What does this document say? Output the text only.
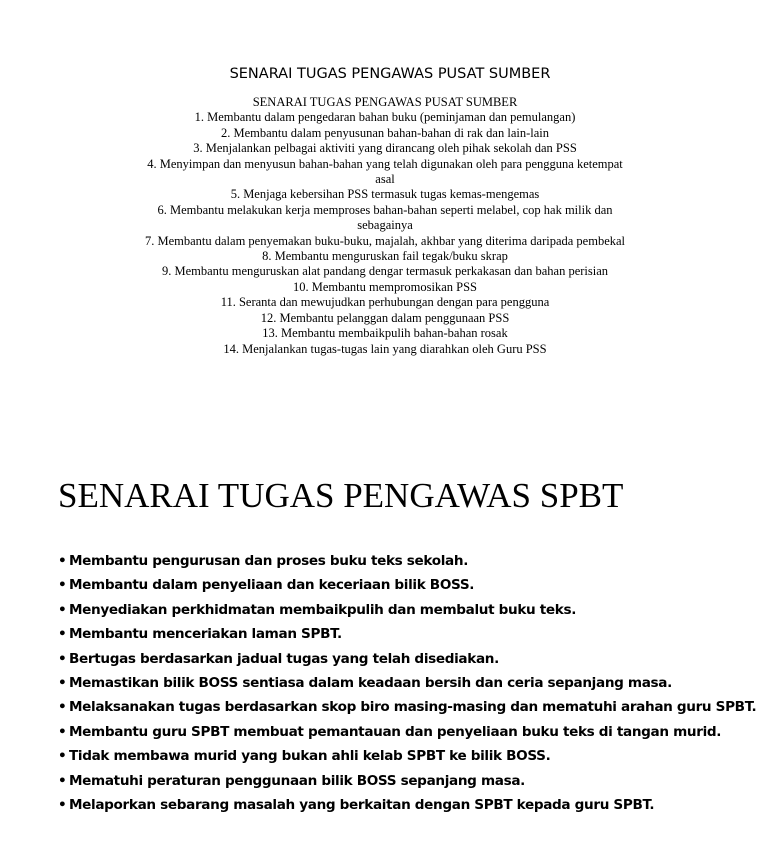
SENARAI TUGAS PENGAWAS PUSAT SUMBER
SENARAI TUGAS PENGAWAS PUSAT SUMBER
1. Membantu dalam pengedaran bahan buku (peminjaman dan pemulangan)
2. Membantu dalam penyusunan bahan-bahan di rak dan lain-lain
3. Menjalankan pelbagai aktiviti yang dirancang oleh pihak sekolah dan PSS
4. Menyimpan dan menyusun bahan-bahan yang telah digunakan oleh para pengguna ketempat
asal
5. Menjaga kebersihan PSS termasuk tugas kemas-mengemas
6. Membantu melakukan kerja memproses bahan-bahan seperti melabel, cop hak milik dan
sebagainya
7. Membantu dalam penyemakan buku-buku, majalah, akhbar yang diterima daripada pembekal
8. Membantu menguruskan fail tegak/buku skrap
9. Membantu menguruskan alat pandang dengar termasuk perkakasan dan bahan perisian
10. Membantu mempromosikan PSS
11. Seranta dan mewujudkan perhubungan dengan para pengguna
12. Membantu pelanggan dalam penggunaan PSS
13. Membantu membaikpulih bahan-bahan rosak
14. Menjalankan tugas-tugas lain yang diarahkan oleh Guru PSS
SENARAI TUGAS PENGAWAS SPBT
• Membantu pengurusan dan proses buku teks sekolah.
• Membantu dalam penyeliaan dan keceriaan bilik BOSS.
• Menyediakan perkhidmatan membaikpulih dan membalut buku teks.
• Membantu menceriakan laman SPBT.
• Bertugas berdasarkan jadual tugas yang telah disediakan.
• Memastikan bilik BOSS sentiasa dalam keadaan bersih dan ceria sepanjang masa.
• Melaksanakan tugas berdasarkan skop biro masing-masing dan mematuhi arahan guru SPBT.
• Membantu guru SPBT membuat pemantauan dan penyeliaan buku teks di tangan murid.
• Tidak membawa murid yang bukan ahli kelab SPBT ke bilik BOSS.
• Mematuhi peraturan penggunaan bilik BOSS sepanjang masa.
• Melaporkan sebarang masalah yang berkaitan dengan SPBT kepada guru SPBT.
